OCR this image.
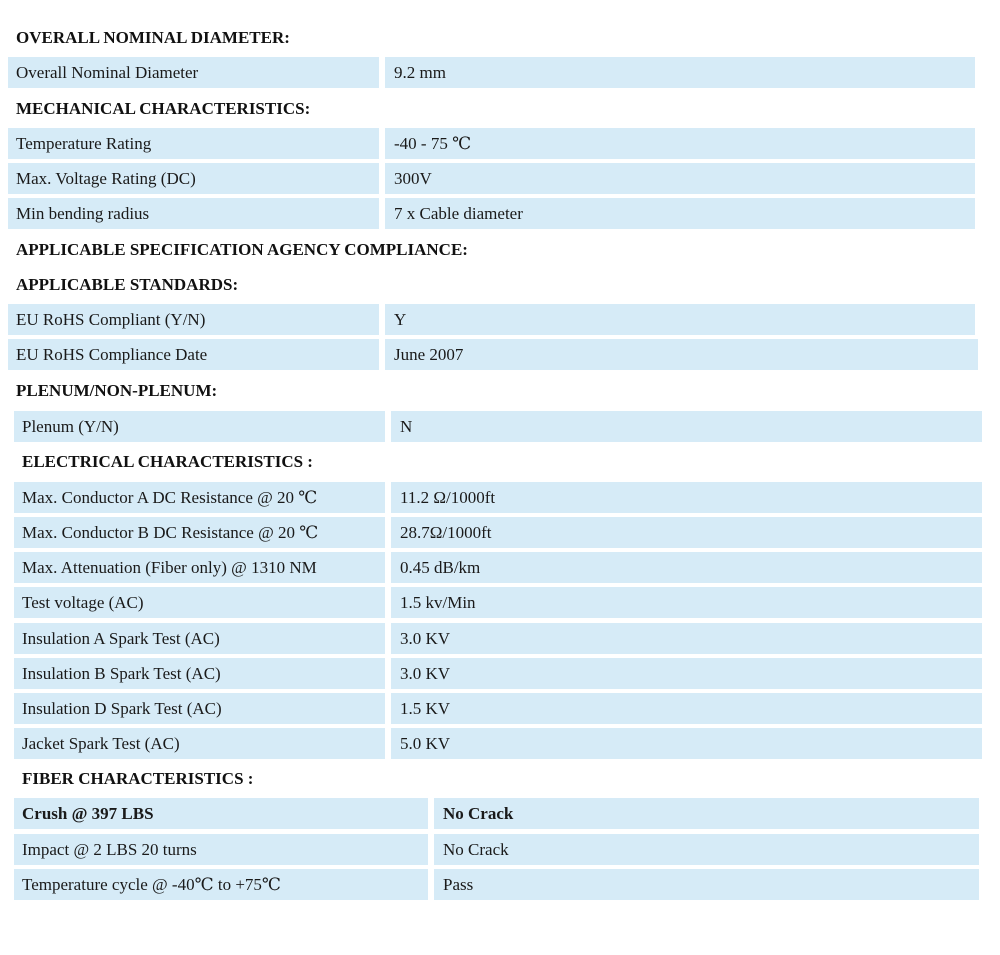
OVERALL NOMINAL DIAMETER:
Overall Nominal Diameter	9.2 mm
MECHANICAL CHARACTERISTICS:
Temperature Rating	-40 - 75 ℃
Max. Voltage Rating (DC)	300V
Min bending radius	7 x Cable diameter
APPLICABLE SPECIFICATION AGENCY COMPLIANCE:
APPLICABLE STANDARDS:
EU RoHS Compliant (Y/N)	Y
EU RoHS Compliance Date	June 2007
PLENUM/NON-PLENUM:
Plenum (Y/N)	N
ELECTRICAL CHARACTERISTICS :
Max. Conductor A DC Resistance @ 20 ℃	11.2 Ω/1000ft
Max. Conductor B DC Resistance @ 20 ℃	28.7Ω/1000ft
Max. Attenuation (Fiber only) @ 1310 NM	0.45 dB/km
Test voltage (AC)	1.5 kv/Min
Insulation A Spark Test (AC)	3.0 KV
Insulation B Spark Test (AC)	3.0 KV
Insulation D Spark Test (AC)	1.5 KV
Jacket Spark Test (AC)	5.0 KV
FIBER CHARACTERISTICS :
Crush @ 397 LBS	No Crack
Impact @ 2 LBS 20 turns	No Crack
Temperature cycle @ -40℃ to +75℃	Pass
